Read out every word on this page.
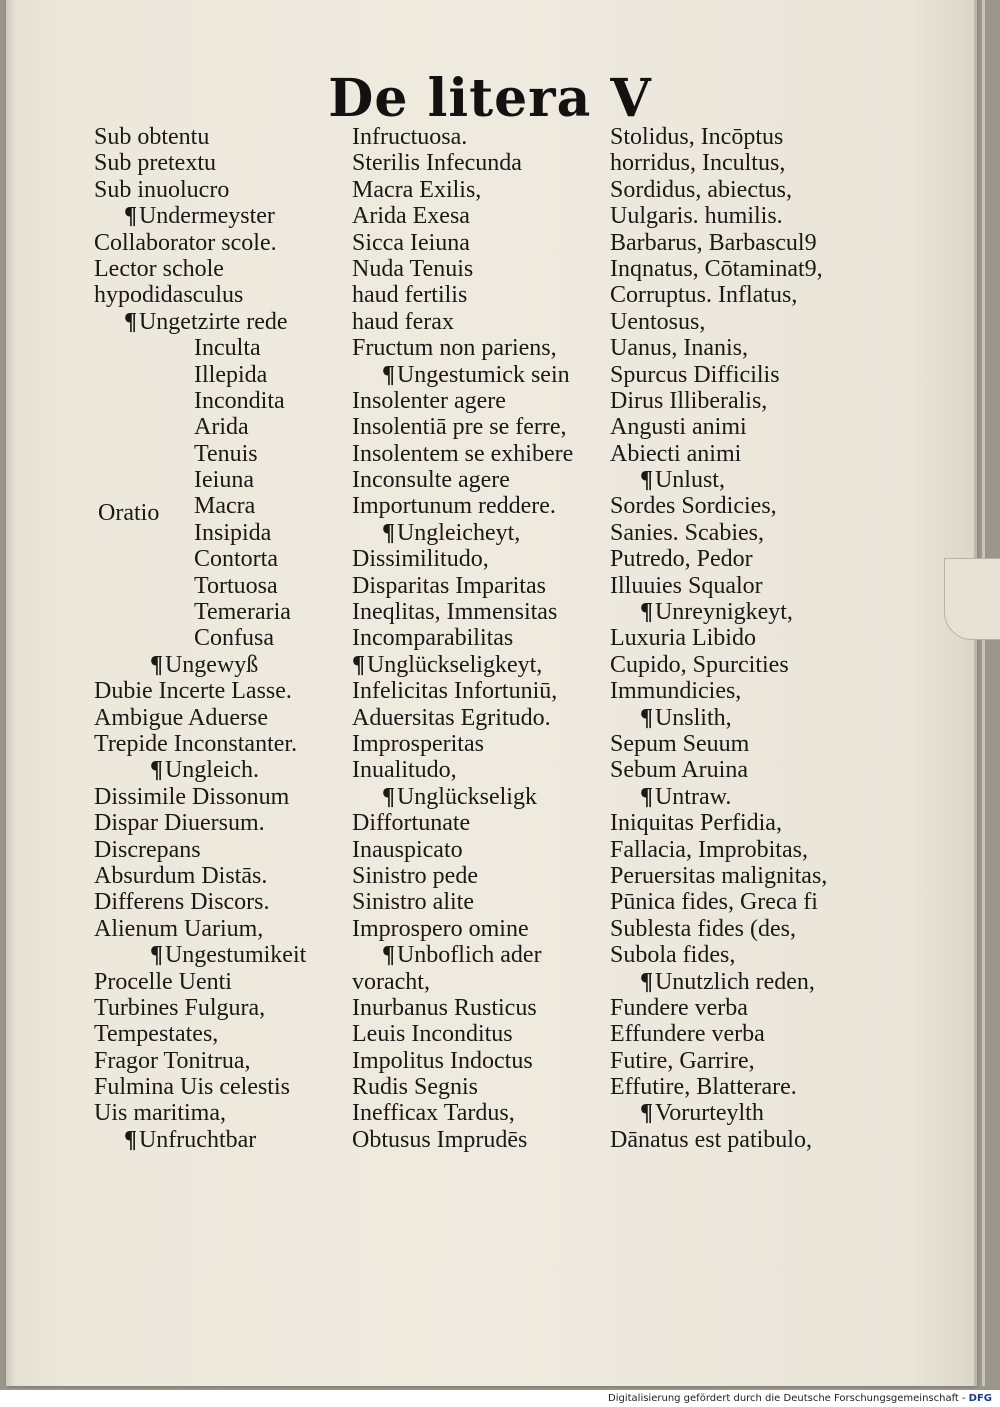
De litera V
Sub obtentu
Sub pretextu
Sub inuolucro
¶ Undermeyster
Collaborator scole.
Lector schole
hypodidasculus
¶ Ungetzirte rede
Inculta
Illepida
Incondita
Arida
Tenuis
Ieiuna
Macra
Insipida
Contorta
Tortuosa
Temeraria
Confusa
¶ Ungewyß
Dubie Incerte Lasse.
Ambigue Aduerse
Trepide Inconstanter.
¶ Ungleich.
Dissimile Dissonum
Dispar Diuersum.
Discrepans
Absurdum Distās.
Differens Discors.
Alienum Uarium,
¶ Ungestumikeit
Procelle Uenti
Turbines Fulgura,
Tempestates,
Fragor Tonitrua,
Fulmina Uis celestis
Uis maritima,
¶ Unfruchtbar
Infructuosa.
Sterilis Infecunda
Macra Exilis,
Arida Exesa
Sicca Ieiuna
Nuda Tenuis
haud fertilis
haud ferax
Fructum non pariens,
¶ Ungestumick sein
Insolenter agere
Insolentiā pre se ferre,
Insolentem se exhibere
Inconsulte agere
Importunum reddere.
¶ Ungleicheyt,
Dissimilitudo,
Disparitas Imparitas
Ineqlitas, Immensitas
Incomparabilitas
¶ Unglückseligkeyt,
Infelicitas Infortuniū,
Aduersitas Egritudo.
Improsperitas
Inualitudo,
¶ Unglückseligk
Diffortunate
Inauspicato
Sinistro pede
Sinistro alite
Improspero omine
¶ Unboflich ader
voracht,
Inurbanus Rusticus
Leuis Inconditus
Impolitus Indoctus
Rudis Segnis
Inefficax Tardus,
Obtusus Imprudēs
Stolidus, Incōptus
horridus, Incultus,
Sordidus, abiectus,
Uulgaris. humilis.
Barbarus, Barbascul9
Inqnatus, Cōtaminat9,
Corruptus. Inflatus,
Uentosus,
Uanus, Inanis,
Spurcus Difficilis
Dirus Illiberalis,
Angusti animi
Abiecti animi
¶ Unlust,
Sordes Sordicies,
Sanies. Scabies,
Putredo, Pedor
Illuuies Squalor
¶ Unreynigkeyt,
Luxuria Libido
Cupido, Spurcities
Immundicies,
¶ Unslith,
Sepum Seuum
Sebum Aruina
¶ Untraw.
Iniquitas Perfidia,
Fallacia, Improbitas,
Peruersitas malignitas,
Pūnica fides, Greca fi
Sublesta fides (des,
Subola fides,
¶ Unutzlich reden,
Fundere verba
Effundere verba
Futire, Garrire,
Effutire, Blatterare.
¶ Vorurteylth
Dānatus est patibulo,
Oratio
Digitalisierung gefördert durch die Deutsche Forschungsgemeinschaft - DFG
